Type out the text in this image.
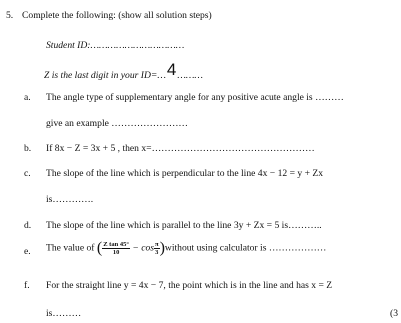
5. Complete the following: (show all solution steps)
Student ID:……………………………
Z is the last digit in your ID=…4………
a. The angle type of supplementary angle for any positive acute angle is ………
give an example ……………………
b. If 8x − Z = 3x + 5 , then x=……………………………………………
c. The slope of the line which is perpendicular to the line 4x − 12 = y + Zx
is………….
d. The slope of the line which is parallel to the line 3y + Zx = 5 is………..
e. The value of ( $\frac{\text{Z tan 45°}}{10} - \cos \frac{\pi}{3}$ )without using calculator is ………………
f. For the straight line y = 4x − 7, the point which is in the line and has x = Z
is………	(3
